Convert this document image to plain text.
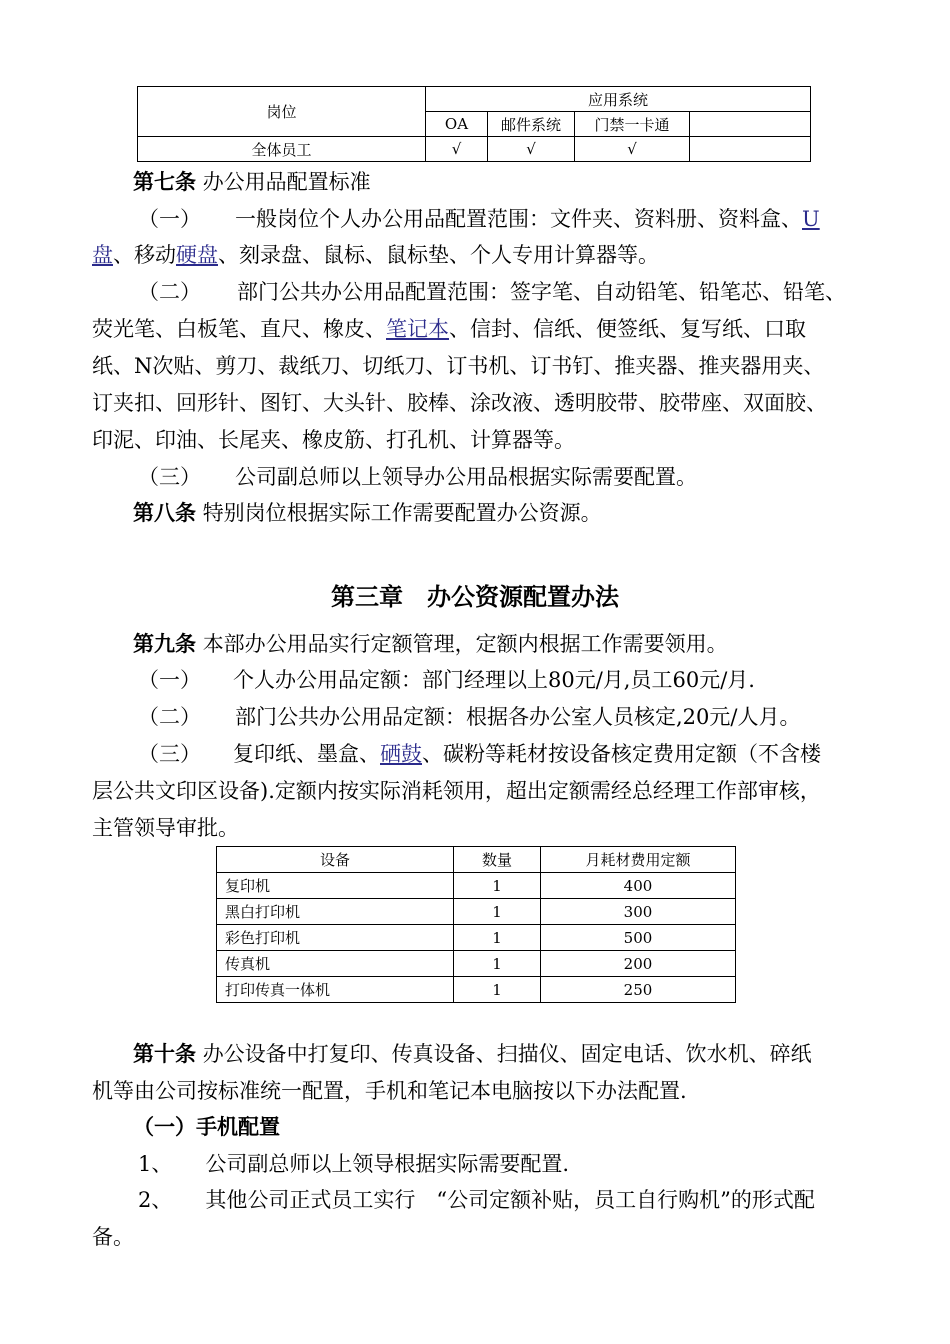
岗位	应用系统			
	OA	邮件系统	门禁一卡通	
全体员工	√	√	√	
第七条 办公用品配置标准
（一） 一般岗位个人办公用品配置范围：文件夹、资料册、资料盒、U
盘、移动硬盘、刻录盘、鼠标、鼠标垫、个人专用计算器等。
（二） 部门公共办公用品配置范围：签字笔、自动铅笔、铅笔芯、铅笔、
荧光笔、白板笔、直尺、橡皮、笔记本、信封、信纸、便签纸、复写纸、口取
纸、N次贴、剪刀、裁纸刀、切纸刀、订书机、订书钉、推夹器、推夹器用夹、
订夹扣、回形针、图钉、大头针、胶棒、涂改液、透明胶带、胶带座、双面胶、
印泥、印油、长尾夹、橡皮筋、打孔机、计算器等。
（三） 公司副总师以上领导办公用品根据实际需要配置。
第八条 特别岗位根据实际工作需要配置办公资源。
第三章　办公资源配置办法
第九条 本部办公用品实行定额管理，定额内根据工作需要领用。
（一） 个人办公用品定额：部门经理以上80元/月,员工60元/月.
（二） 部门公共办公用品定额：根据各办公室人员核定,20元/人月。
（三） 复印纸、墨盒、硒鼓、碳粉等耗材按设备核定费用定额（不含楼
层公共文印区设备).定额内按实际消耗领用，超出定额需经总经理工作部审核，
主管领导审批。
设备	数量	月耗材费用定额
复印机	1	400
黑白打印机	1	300
彩色打印机	1	500
传真机	1	200
打印传真一体机	1	250
第十条 办公设备中打复印、传真设备、扫描仪、固定电话、饮水机、碎纸
机等由公司按标准统一配置，手机和笔记本电脑按以下办法配置.
（一）手机配置
1、 公司副总师以上领导根据实际需要配置.
2、 其他公司正式员工实行　“公司定额补贴，员工自行购机”的形式配
备。
